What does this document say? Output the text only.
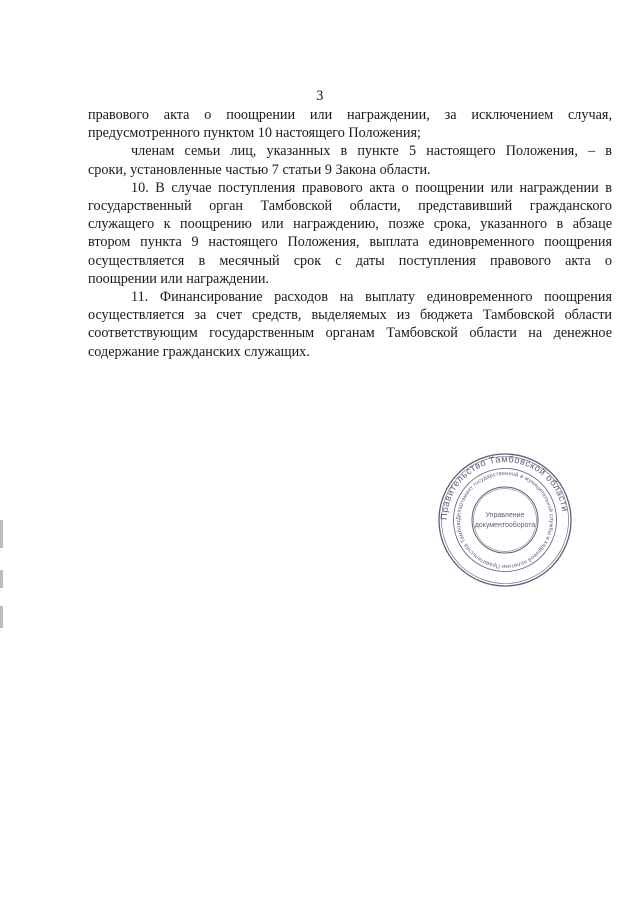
3

правового акта о поощрении или награждении, за исключением случая,
предусмотренного пунктом 10 настоящего Положения;

членам семьи лиц, указанных в пункте 5 настоящего Положения, – в
сроки, установленные частью 7 статьи 9 Закона области.

10. В случае поступления правового акта о поощрении или награждении в
государственный орган Тамбовской области, представивший гражданского
служащего к поощрению или награждению, позже срока, указанного в абзаце
втором пункта 9 настоящего Положения, выплата единовременного поощрения
осуществляется в месячный срок с даты поступления правового акта о
поощрении или награждении.

11. Финансирование расходов на выплату единовременного поощрения
осуществляется за счет средств, выделяемых из бюджета Тамбовской области
соответствующим государственным органам Тамбовской области на денежное
содержание гражданских служащих.

Правительство Тамбовской области
Департамент государственной и муниципальной службы и кадровой политики Правительства Тамбовс
Управление
документооборота
